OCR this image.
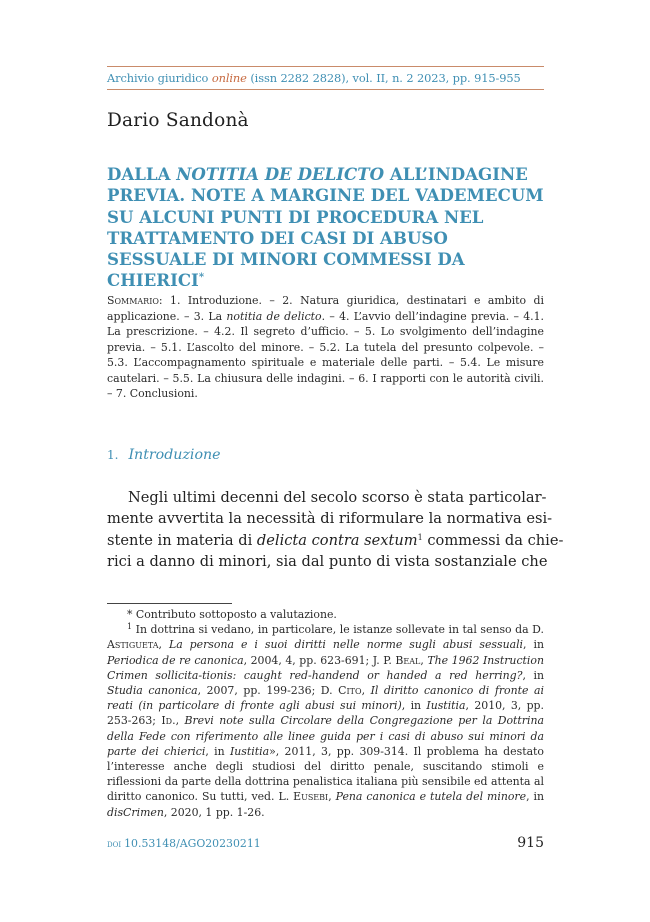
Archivio giuridico online (issn 2282 2828), vol. II, n. 2 2023, pp. 915-955
Dario Sandonà
DALLA NOTITIA DE DELICTO ALL’INDAGINE PREVIA. NOTE A MARGINE DEL VADEMECUM SU ALCUNI PUNTI DI PROCEDURA NEL TRATTAMENTO DEI CASI DI ABUSO SESSUALE DI MINORI COMMESSI DA CHIERICI*
Sommario: 1. Introduzione. – 2. Natura giuridica, destinatari e ambito di applicazione. – 3. La notitia de delicto. – 4. L’avvio dell’indagine previa. – 4.1. La prescrizione. – 4.2. Il segreto d’ufficio. – 5. Lo svolgimento dell’indagine previa. – 5.1. L’ascolto del minore. – 5.2. La tutela del presunto colpevole. – 5.3. L’accompagnamento spirituale e materiale delle parti. – 5.4. Le misure cautelari. – 5.5. La chiusura delle indagini. – 6. I rapporti con le autorità civili. – 7. Conclusioni.
1. Introduzione
Negli ultimi decenni del secolo scorso è stata particolar-
mente avvertita la necessità di riformulare la normativa esi-
stente in materia di delicta contra sextum$^1$ commessi da chie-
rici a danno di minori, sia dal punto di vista sostanziale che

* Contributo sottoposto a valutazione.

$^1$ In dottrina si vedano, in particolare, le istanze sollevate in tal senso da D. Astigueta, La persona e i suoi diritti nelle norme sugli abusi sessuali, in Periodica de re canonica, 2004, 4, pp. 623-691; J. P. Beal, The 1962 Instruction Crimen sollicita-tionis: caught red-handend or handed a red herring?, in Studia canonica, 2007, pp. 199-236; D. Cito, Il diritto canonico di fronte ai reati (in particolare di fronte agli abusi sui minori), in Iustitia, 2010, 3, pp. 253-263; Id., Brevi note sulla Circolare della Congregazione per la Dottrina della Fede con riferimento alle linee guida per i casi di abuso sui minori da parte dei chierici, in Iustitia», 2011, 3, pp. 309-314. Il problema ha destato l’interesse anche degli studiosi del diritto penale, suscitando stimoli e riflessioni da parte della dottrina penalistica italiana più sensibile ed attenta al diritto canonico. Su tutti, ved. L. Eusebi, Pena canonica e tutela del minore, in disCrimen, 2020, 1 pp. 1-26.

doi 10.53148/AGO20230211	915
